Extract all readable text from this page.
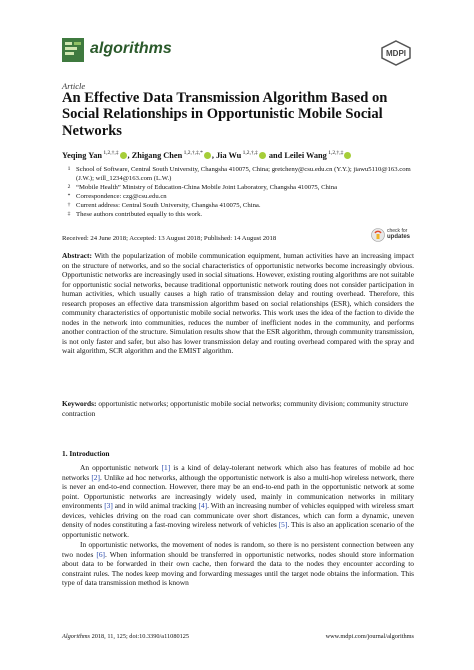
algorithms	MDPI
Article
An Effective Data Transmission Algorithm Based on Social Relationships in Opportunistic Mobile Social Networks
Yeqing Yan $^{1,2,\dagger,\ddagger}$ , Zhigang Chen $^{1,2,\dagger,\ddagger,*}$ , Jia Wu $^{1,2,\dagger,\ddagger}$ and Leilei Wang $^{1,2,\dagger,\ddagger}$
1 School of Software, Central South University, Changsha 410075, China; gretcheny@csu.edu.cn (Y.Y.); jiawu5110@163.com (J.W.); will_1234@163.com (L.W.)
2 “Mobile Health” Ministry of Education-China Mobile Joint Laboratory, Changsha 410075, China
* Correspondence: czg@csu.edu.cn
† Current address: Central South University, Changsha 410075, China.
‡ These authors contributed equally to this work.
Received: 24 June 2018; Accepted: 13 August 2018; Published: 14 August 2018
check for
updates
Abstract: With the popularization of mobile communication equipment, human activities have an increasing impact on the structure of networks, and so the social characteristics of opportunistic networks become increasingly obvious. Opportunistic networks are increasingly used in social situations. However, existing routing algorithms are not suitable for opportunistic social networks, because traditional opportunistic network routing does not consider participation in human activities, which usually causes a high ratio of transmission delay and routing overhead. Therefore, this research proposes an effective data transmission algorithm based on social relationships (ESR), which considers the community characteristics of opportunistic mobile social networks. This work uses the idea of the faction to divide the nodes in the network into communities, reduces the number of inefficient nodes in the community, and performs another contraction of the structure. Simulation results show that the ESR algorithm, through community transmission, is not only faster and safer, but also has lower transmission delay and routing overhead compared with the spray and wait algorithm, SCR algorithm and the EMIST algorithm.
Keywords: opportunistic networks; opportunistic mobile social networks; community division; community structure contraction
1. Introduction

An opportunistic network [1] is a kind of delay-tolerant network which also has features of mobile ad hoc networks [2]. Unlike ad hoc networks, although the opportunistic network is also a multi-hop wireless network, there is never an end-to-end connection. However, there may be an end-to-end path in the opportunistic network at some point. Opportunistic networks are increasingly widely used, mainly in communication networks in military environments [3] and in wild animal tracking [4]. With an increasing number of vehicles equipped with wireless smart devices, vehicles driving on the road can communicate over short distances, which can form a dynamic, uneven density of nodes constituting a fast-moving wireless network of vehicles [5]. This is also an application scenario of the opportunistic network.

In opportunistic networks, the movement of nodes is random, so there is no persistent connection between any two nodes [6]. When information should be transferred in opportunistic networks, nodes should store information about data to be forwarded in their own cache, then forward the data to the nodes they encounter according to constraint rules. The nodes keep moving and forwarding messages until the target node obtains the information. This type of data transmission method is known

Algorithms 2018, 11, 125; doi:10.3390/a11080125	www.mdpi.com/journal/algorithms
